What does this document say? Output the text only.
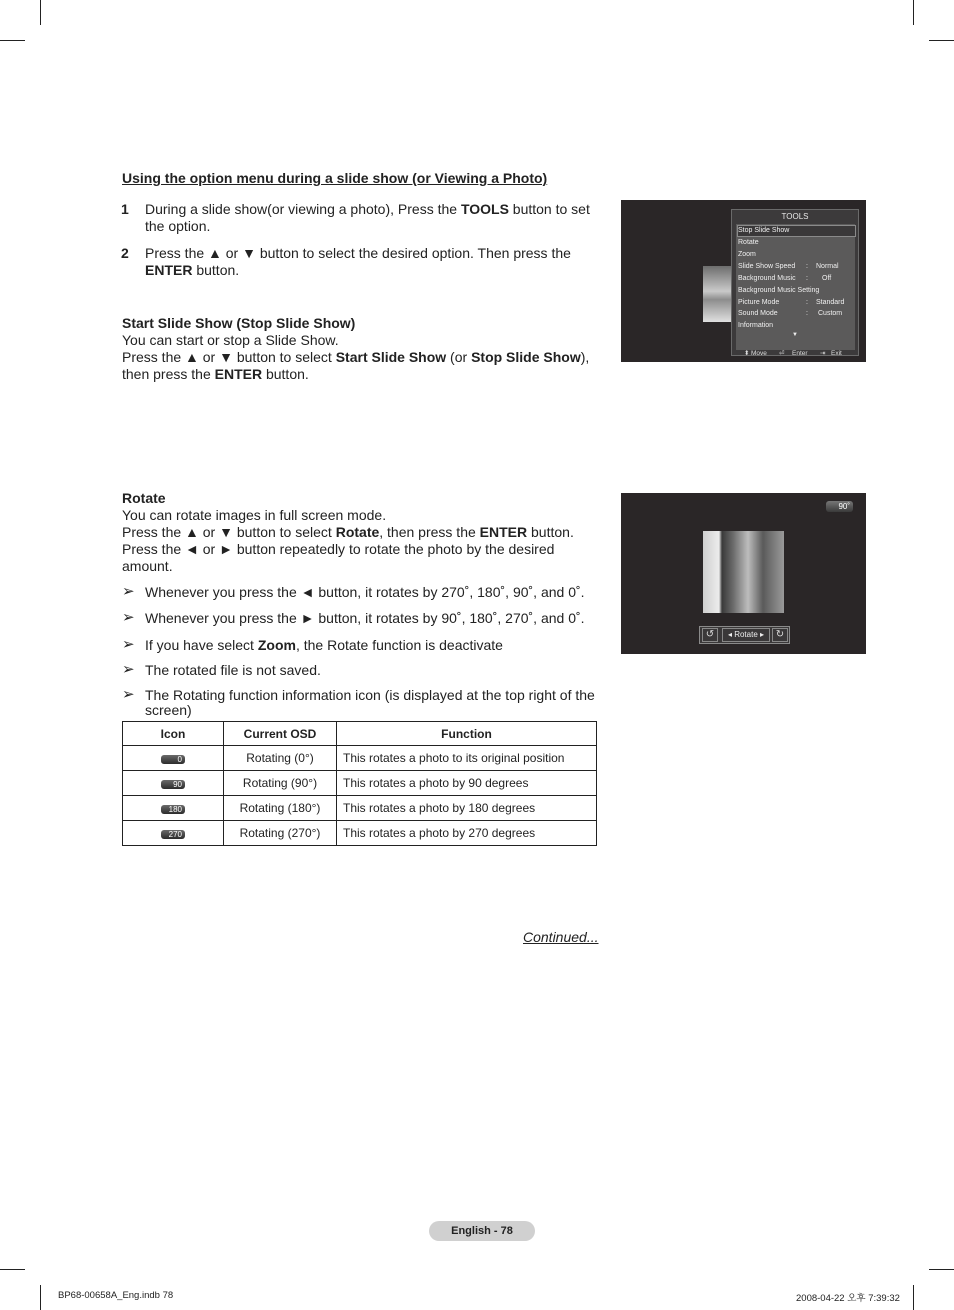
Using the option menu during a slide show (or Viewing a Photo)
1 During a slide show(or viewing a photo), Press the TOOLS button to set the option.
2 Press the ▲ or ▼ button to select the desired option. Then press the ENTER button.
Start Slide Show (Stop Slide Show)
You can start or stop a Slide Show.
Press the ▲ or ▼ button to select Start Slide Show (or Stop Slide Show),
then press the ENTER button.
TOOLS
Stop Slide Show
Rotate
Zoom
Slide Show Speed : Normal
Background Music : Off
Background Music Setting
Picture Mode	: Standard
Sound Mode	: Custom
Information
▼
⬍ Move ⏎ Enter ⇥ Exit
Rotate
You can rotate images in full screen mode.
Press the ▲ or ▼ button to select Rotate, then press the ENTER button.
Press the ◄ or ► button repeatedly to rotate the photo by the desired
amount.
➢ Whenever you press the ◄ button, it rotates by 270˚, 180˚, 90˚, and 0˚.
➢ Whenever you press the ► button, it rotates by 90˚, 180˚, 270˚, and 0˚.
➢ If you have select Zoom, the Rotate function is deactivate
➢ The rotated file is not saved.
➢ The Rotating function information icon (is displayed at the top right of the
screen)
90˚
↺	◂ Rotate ▸	↻
Icon	Current OSD	Function
0	Rotating (0°)	This rotates a photo to its original position
90	Rotating (90°)	This rotates a photo by 90 degrees
180	Rotating (180°)	This rotates a photo by 180 degrees
270	Rotating (270°)	This rotates a photo by 270 degrees
Continued...
English - 78
BP68-00658A_Eng.indb 78	2008-04-22 오후 7:39:32
